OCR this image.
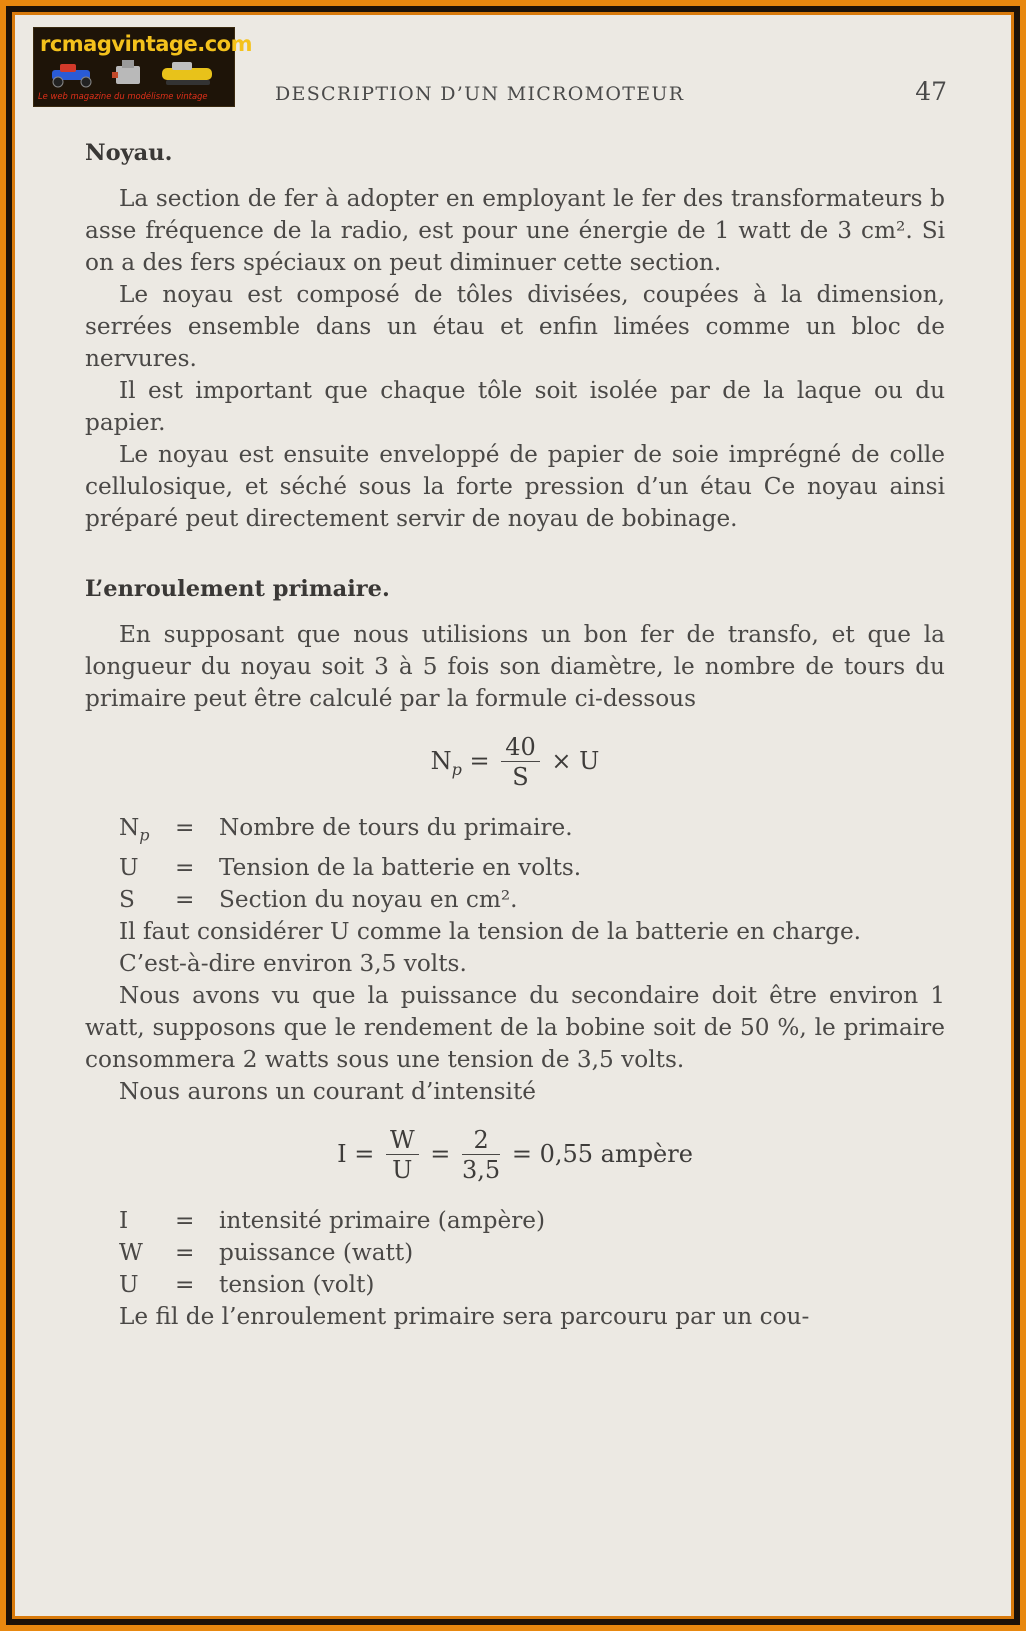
rcmagvintage.com
Le web magazine du modélisme vintage	DESCRIPTION D’UN MICROMOTEUR	47
Noyau.

La section de fer à adopter en employant le fer des transformateurs b asse fréquence de la radio, est pour une énergie de 1 watt de 3 cm². Si on a des fers spéciaux on peut diminuer cette section.

Le noyau est composé de tôles divisées, coupées à la dimension, serrées ensemble dans un étau et enfin limées comme un bloc de nervures.

Il est important que chaque tôle soit isolée par de la laque ou du papier.

Le noyau est ensuite enveloppé de papier de soie imprégné de colle cellulosique, et séché sous la forte pression d’un étau Ce noyau ainsi préparé peut directement servir de noyau de bobinage.

L’enroulement primaire.

En supposant que nous utilisions un bon fer de transfo, et que la longueur du noyau soit 3 à 5 fois son diamètre, le nombre de tours du primaire peut être calculé par la formule ci-dessous

$N_p = \frac{40}{S} \times U$
$N_p$	=	Nombre de tours du primaire.
U	=	Tension de la batterie en volts.
S	=	Section du noyau en cm².

Il faut considérer U comme la tension de la batterie en charge.

C’est-à-dire environ 3,5 volts.

Nous avons vu que la puissance du secondaire doit être environ 1 watt, supposons que le rendement de la bobine soit de 50 %, le primaire consommera 2 watts sous une tension de 3,5 volts.

Nous aurons un courant d’intensité

$I = \frac{W}{U} = \frac{2}{3,5} = 0,55$ ampère
I	=	intensité primaire (ampère)
W	=	puissance (watt)
U	=	tension (volt)

Le fil de l’enroulement primaire sera parcouru par un cou-
